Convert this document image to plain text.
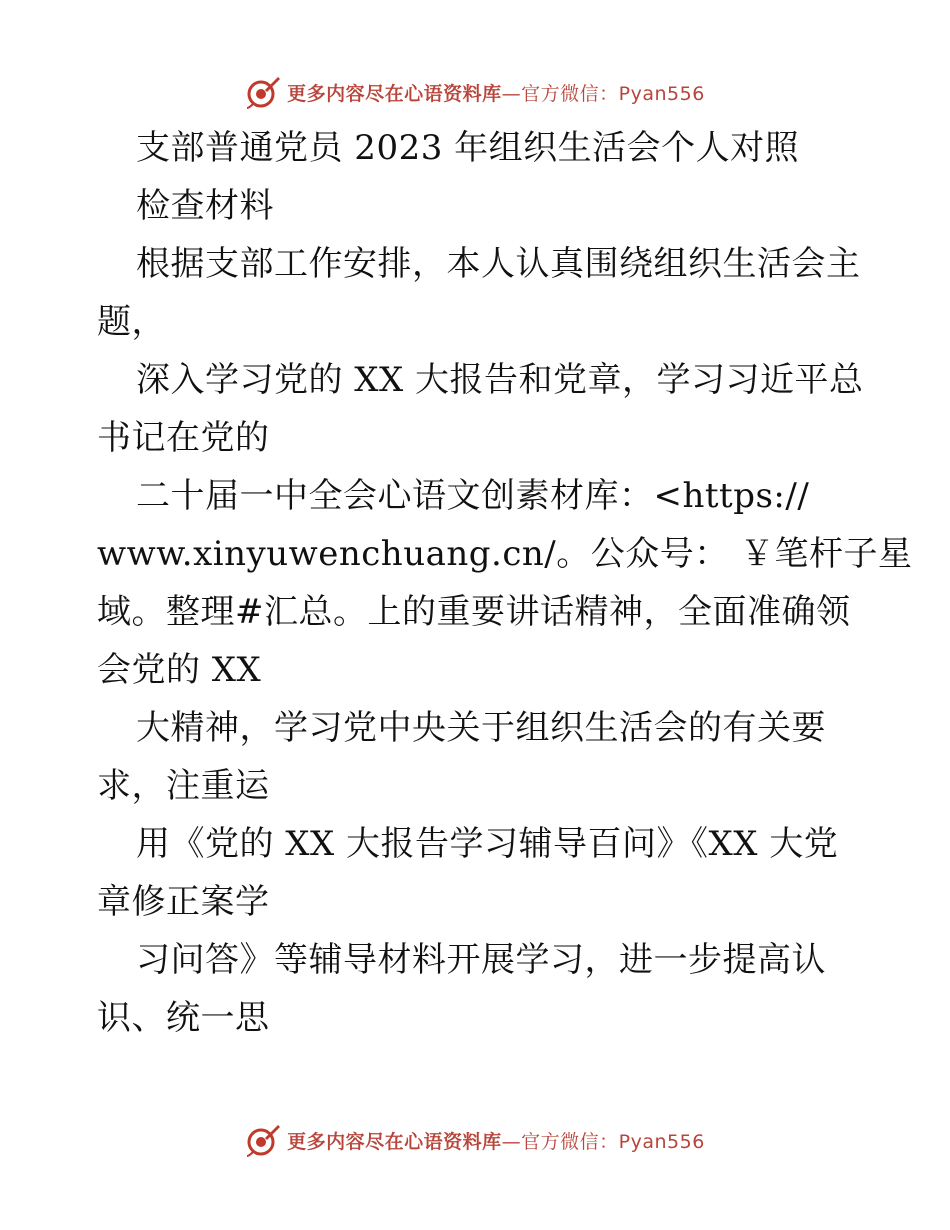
更多内容尽在心语资料库—官方微信：Pyan556
支部普通党员 2023 年组织生活会个人对照
检查材料
根据支部工作安排，本人认真围绕组织生活会主
题，
深入学习党的 XX 大报告和党章，学习习近平总
书记在党的
二十届一中全会心语文创素材库：<https://
www.xinyuwenchuang.cn/。公众号： ￥笔杆子星
域。整理#汇总。上的重要讲话精神，全面准确领
会党的 XX
大精神，学习党中央关于组织生活会的有关要
求，注重运
用《党的 XX 大报告学习辅导百问》《XX 大党
章修正案学
习问答》等辅导材料开展学习，进一步提高认
识、统一思
更多内容尽在心语资料库—官方微信：Pyan556
